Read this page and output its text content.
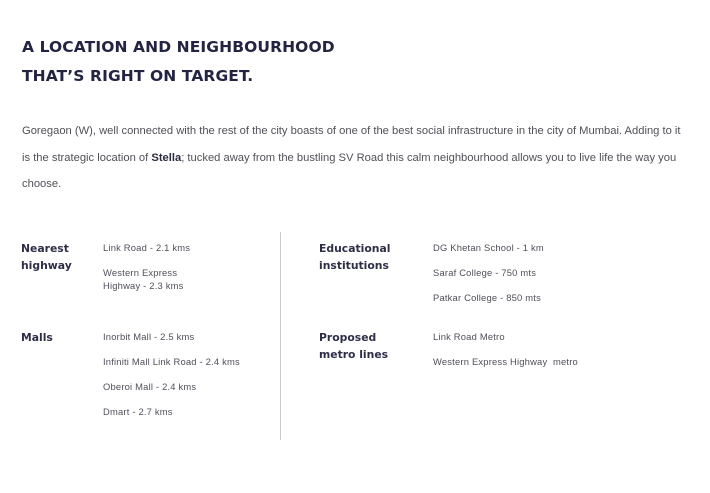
A LOCATION AND NEIGHBOURHOOD
THAT’S RIGHT ON TARGET.
Goregaon (W), well connected with the rest of the city boasts of one of the best social infrastructure in the city of Mumbai. Adding to it is the strategic location of Stella; tucked away from the bustling SV Road this calm neighbourhood allows you to live life the way you choose.
Nearest highway
Link Road - 2.1 kms
Western Express Highway - 2.3 kms
Malls	Inorbit Mall - 2.5 kms
Infiniti Mall Link Road - 2.4 kms
Oberoi Mall - 2.4 kms
Dmart - 2.7 kms
Educational institutions
DG Khetan School - 1 km
Saraf College - 750 mts
Patkar College - 850 mts
Proposed metro lines
Link Road Metro
Western Express Highway  metro
